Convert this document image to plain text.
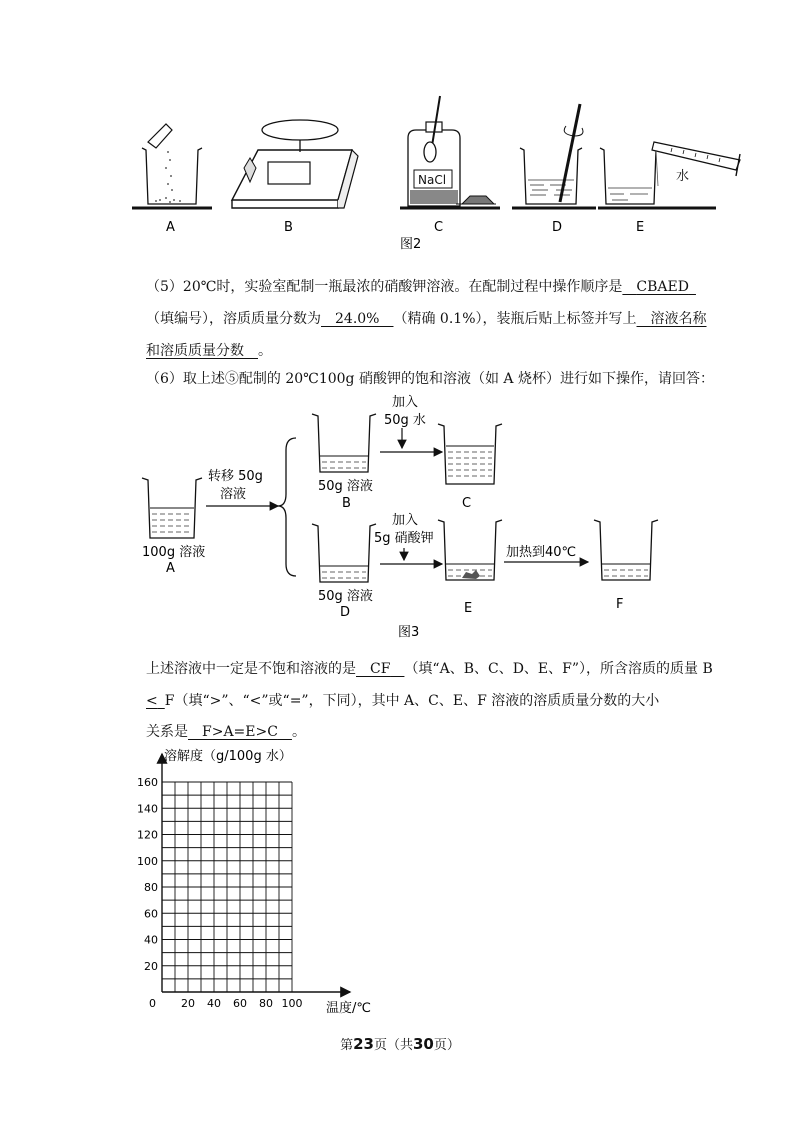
NaCl	水
A	B	C	D	E
图2
（5）20℃时，实验室配制一瓶最浓的硝酸钾溶液。在配制过程中操作顺序是   CBAED 
（填编号），溶质质量分数为   24.0%   （精确 0.1%），装瓶后贴上标签并写上   溶液名称
和溶质质量分数   。
（6）取上述⑤配制的 20℃100g 硝酸钾的饱和溶液（如 A 烧杯）进行如下操作，请回答：
100g 溶液
A
转移 50g
溶液
50g 溶液
B
加入
50g 水
C
50g 溶液
D
加入
5g 硝酸钾
E
加热到40℃
F
图3
上述溶液中一定是不饱和溶液的是   CF   （填“A、B、C、D、E、F”），所含溶质的质量 B
<  F（填“>”、“<”或“=”，下同），其中 A、C、E、F 溶液的溶质质量分数的大小
关系是   F>A=E>C   。
溶解度（g/100g 水）
温度/℃
160
140
120
100
80
60
40
20
0 20 40 60 80 100
第23页（共30页）
